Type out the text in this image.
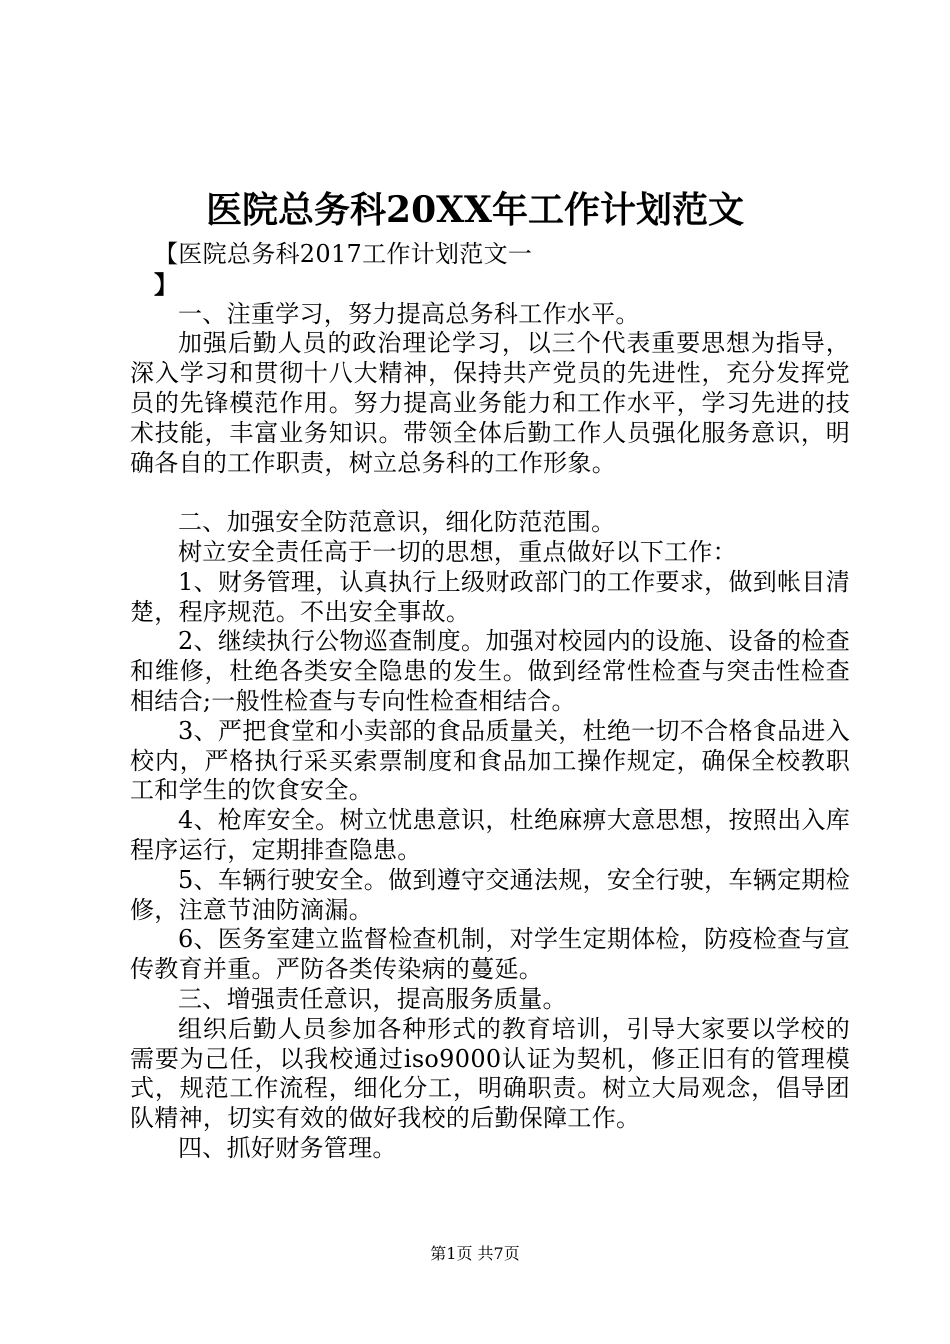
医院总务科20XX年工作计划范文
【医院总务科2017工作计划范文一
】

一、注重学习，努力提高总务科工作水平。

加强后勤人员的政治理论学习，以三个代表重要思想为指导，深入学习和贯彻十八大精神，保持共产党员的先进性，充分发挥党员的先锋模范作用。努力提高业务能力和工作水平，学习先进的技术技能，丰富业务知识。带领全体后勤工作人员强化服务意识，明确各自的工作职责，树立总务科的工作形象。

二、加强安全防范意识，细化防范范围。

树立安全责任高于一切的思想，重点做好以下工作：

1、财务管理，认真执行上级财政部门的工作要求，做到帐目清楚，程序规范。不出安全事故。

2、继续执行公物巡查制度。加强对校园内的设施、设备的检查和维修，杜绝各类安全隐患的发生。做到经常性检查与突击性检查相结合;一般性检查与专向性检查相结合。

3、严把食堂和小卖部的食品质量关，杜绝一切不合格食品进入校内，严格执行采买索票制度和食品加工操作规定，确保全校教职工和学生的饮食安全。

4、枪库安全。树立忧患意识，杜绝麻痹大意思想，按照出入库程序运行，定期排查隐患。

5、车辆行驶安全。做到遵守交通法规，安全行驶，车辆定期检修，注意节油防滴漏。

6、医务室建立监督检查机制，对学生定期体检，防疫检查与宣传教育并重。严防各类传染病的蔓延。

三、增强责任意识，提高服务质量。

组织后勤人员参加各种形式的教育培训，引导大家要以学校的需要为己任，以我校通过iso9000认证为契机，修正旧有的管理模式，规范工作流程，细化分工，明确职责。树立大局观念，倡导团队精神，切实有效的做好我校的后勤保障工作。

四、抓好财务管理。

第1页 共7页
